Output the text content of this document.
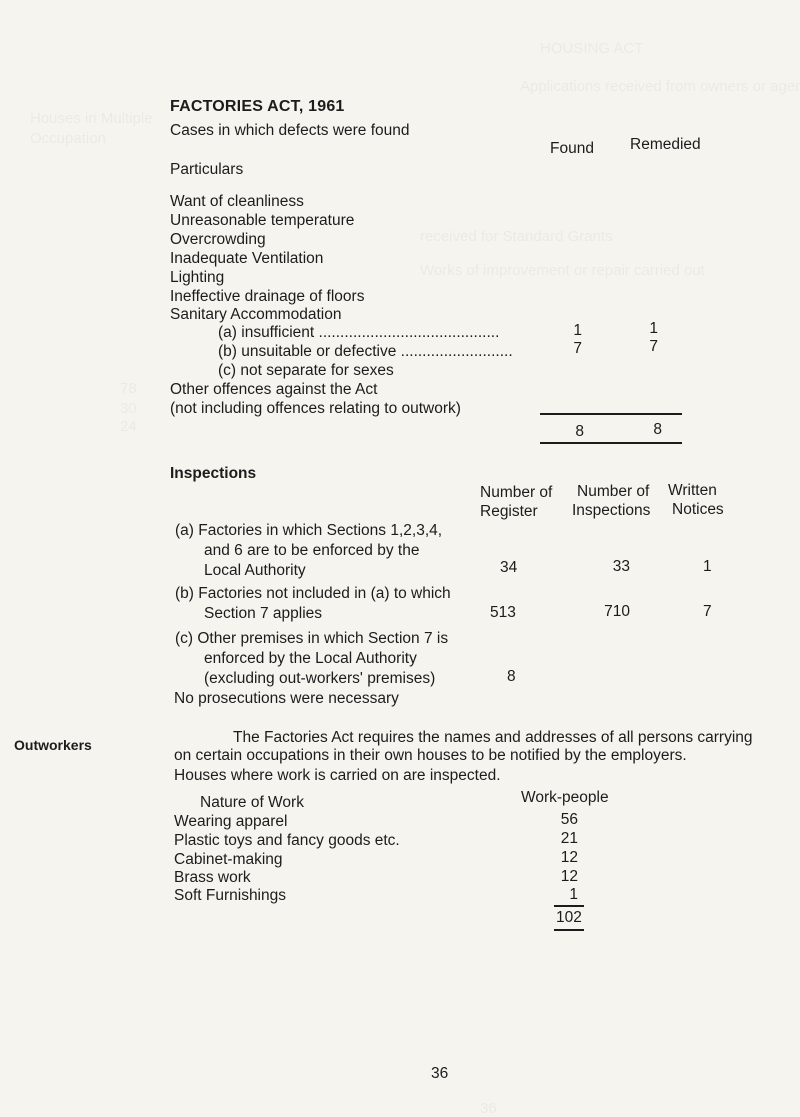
FACTORIES ACT, 1961
Cases in which defects were found
Found Remedied
Particulars
Want of cleanliness
Unreasonable temperature
Overcrowding
Inadequate Ventilation
Lighting
Ineffective drainage of floors
Sanitary Accommodation
(a) insufficient ..........................................	1	1
(b) unsuitable or defective ..........................	7	7
(c) not separate for sexes
Other offences against the Act
(not including offences relating to outwork)
8	8
Inspections
Number of
Register
Number of
Inspections
Written
Notices
(a) Factories in which Sections 1,2,3,4,
and 6 are to be enforced by the
Local Authority	34	33	1
(b) Factories not included in (a) to which
Section 7 applies	513	710	7
(c) Other premises in which Section 7 is
enforced by the Local Authority
(excluding out-workers' premises)	8
No prosecutions were necessary
Outworkers	The Factories Act requires the names and addresses of all persons carrying
on certain occupations in their own houses to be notified by the employers.
Houses where work is carried on are inspected.
Nature of Work	Work-people
Wearing apparel	56
Plastic toys and fancy goods etc.	21
Cabinet-making	12
Brass work	12
Soft Furnishings	1
102
36
